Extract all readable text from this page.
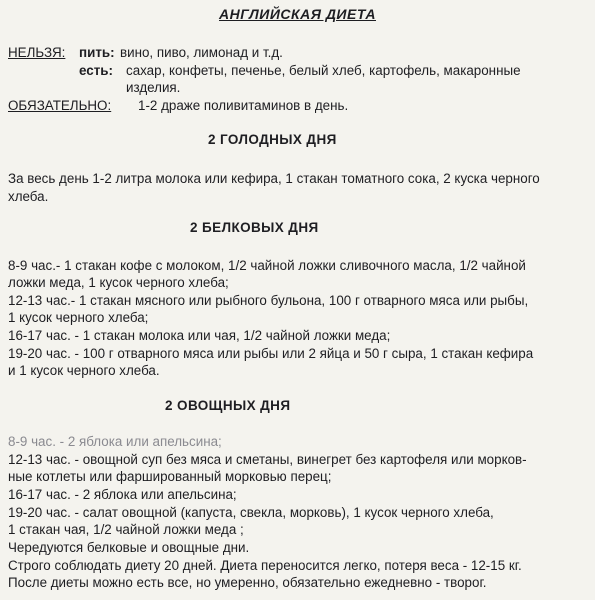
АНГЛИЙСКАЯ ДИЕТА
НЕЛЬЗЯ: пить: вино, пиво, лимонад и т.д.
есть: сахар, конфеты, печенье, белый хлеб, картофель, макаронные
изделия.
ОБЯЗАТЕЛЬНО: 1-2 драже поливитаминов в день.
2 ГОЛОДНЫХ ДНЯ
За весь день 1-2 литра молока или кефира, 1 стакан томатного сока, 2 куска черного
хлеба.
2 БЕЛКОВЫХ ДНЯ
8-9 час.- 1 стакан кофе с молоком, 1/2 чайной ложки сливочного масла, 1/2 чайной
ложки меда, 1 кусок черного хлеба;
12-13 час.- 1 стакан мясного или рыбного бульона, 100 г отварного мяса или рыбы,
1 кусок черного хлеба;
16-17 час. - 1 стакан молока или чая, 1/2 чайной ложки меда;
19-20 час. - 100 г отварного мяса или рыбы или 2 яйца и 50 г сыра, 1 стакан кефира
и 1 кусок черного хлеба.
2 ОВОЩНЫХ ДНЯ
8-9 час. - 2 яблока или апельсина;
12-13 час. - овощной суп без мяса и сметаны, винегрет без картофеля или морков-
ные котлеты или фаршированный морковью перец;
16-17 час. - 2 яблока или апельсина;
19-20 час. - салат овощной (капуста, свекла, морковь), 1 кусок черного хлеба,
1 стакан чая, 1/2 чайной ложки меда ;
Чередуются белковые и овощные дни.
Строго соблюдать диету 20 дней. Диета переносится легко, потеря веса - 12-15 кг.
После диеты можно есть все, но умеренно, обязательно ежедневно - творог.
